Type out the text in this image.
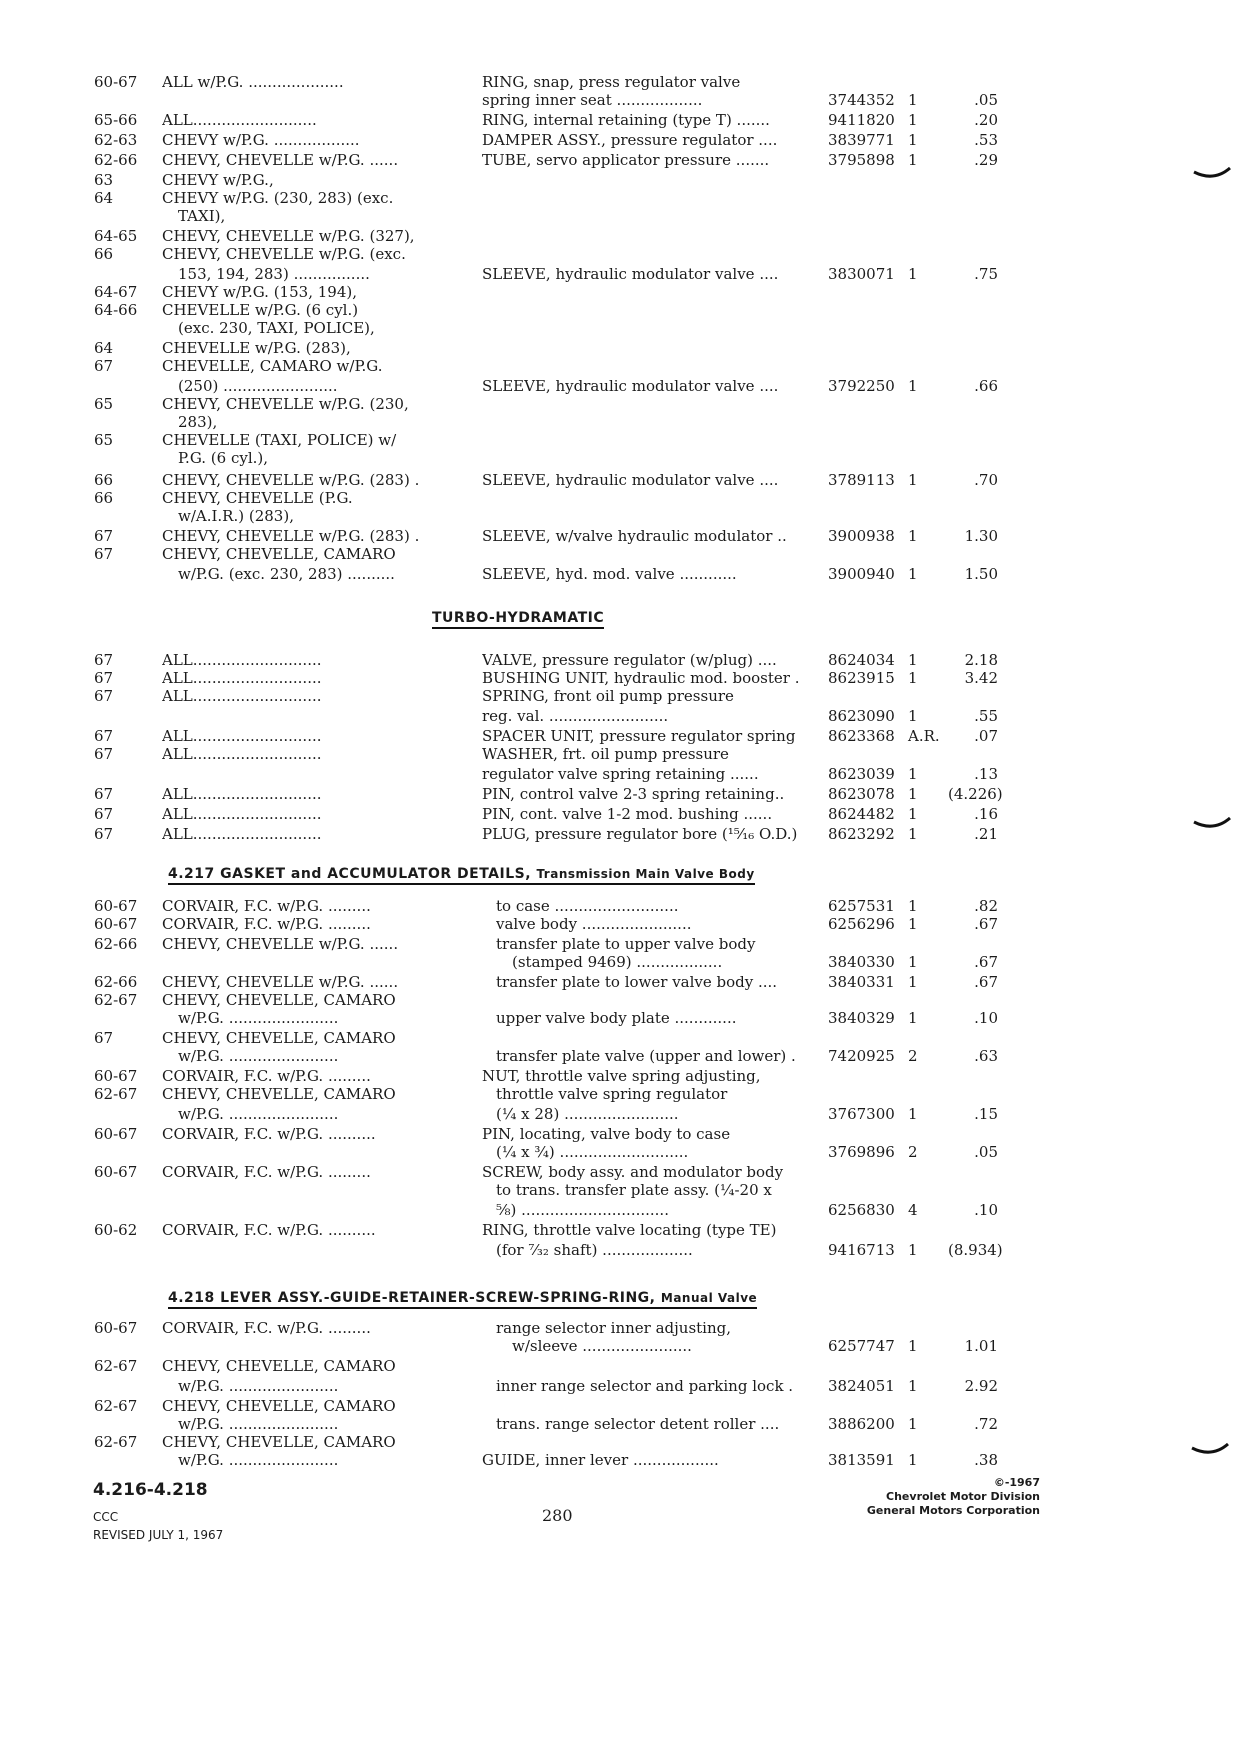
60-67 ALL w/P.G. ....................	RING, snap, press regulator valve
spring inner seat ..................	3744352 1	.05
65-66 ALL..........................	RING, internal retaining (type T) .......	9411820 1	.20
62-63 CHEVY w/P.G. ..................	DAMPER ASSY., pressure regulator ....	3839771 1	.53
62-66 CHEVY, CHEVELLE w/P.G. ......	TUBE, servo applicator pressure .......	3795898 1	.29
63	CHEVY w/P.G.,
64	CHEVY w/P.G. (230, 283) (exc.
TAXI),
64-65 CHEVY, CHEVELLE w/P.G. (327),
66	CHEVY, CHEVELLE w/P.G. (exc.
153, 194, 283) ................	SLEEVE, hydraulic modulator valve ....	3830071 1	.75
64-67 CHEVY w/P.G. (153, 194),
64-66 CHEVELLE w/P.G. (6 cyl.)
(exc. 230, TAXI, POLICE),
64	CHEVELLE w/P.G. (283),
67	CHEVELLE, CAMARO w/P.G.
(250) ........................	SLEEVE, hydraulic modulator valve ....	3792250 1	.66
65	CHEVY, CHEVELLE w/P.G. (230,
283),
65	CHEVELLE (TAXI, POLICE) w/
P.G. (6 cyl.),
66	CHEVY, CHEVELLE w/P.G. (283) .	SLEEVE, hydraulic modulator valve ....	3789113 1	.70
66	CHEVY, CHEVELLE (P.G.
w/A.I.R.) (283),
67	CHEVY, CHEVELLE w/P.G. (283) .	SLEEVE, w/valve hydraulic modulator ..	3900938 1	1.30
67	CHEVY, CHEVELLE, CAMARO
w/P.G. (exc. 230, 283) ..........	SLEEVE, hyd. mod. valve ............	3900940 1	1.50
TURBO-HYDRAMATIC
67	ALL...........................	VALVE, pressure regulator (w/plug) ....	8624034 1	2.18
67	ALL...........................	BUSHING UNIT, hydraulic mod. booster .	8623915 1	3.42
67	ALL...........................	SPRING, front oil pump pressure
reg. val. .........................	8623090 1	.55
67	ALL...........................	SPACER UNIT, pressure regulator spring	8623368 A.R.	.07
67	ALL...........................	WASHER, frt. oil pump pressure
regulator valve spring retaining ......	8623039 1	.13
67	ALL...........................	PIN, control valve 2-3 spring retaining..	8623078 1 (4.226)
67	ALL...........................	PIN, cont. valve 1-2 mod. bushing ......	8624482 1	.16
67	ALL...........................	PLUG, pressure regulator bore (¹⁵⁄₁₆ O.D.)	8623292 1	.21
4.217 GASKET and ACCUMULATOR DETAILS, Transmission Main Valve Body
60-67 CORVAIR, F.C. w/P.G. .........	to case ..........................	6257531 1	.82
60-67 CORVAIR, F.C. w/P.G. .........	valve body .......................	6256296 1	.67
62-66 CHEVY, CHEVELLE w/P.G. ......	transfer plate to upper valve body
(stamped 9469) ..................	3840330 1	.67
62-66 CHEVY, CHEVELLE w/P.G. ......	transfer plate to lower valve body ....	3840331 1	.67
62-67 CHEVY, CHEVELLE, CAMARO
w/P.G. .......................	upper valve body plate .............	3840329 1	.10
67	CHEVY, CHEVELLE, CAMARO
w/P.G. .......................	transfer plate valve (upper and lower) .	7420925 2	.63
60-67 CORVAIR, F.C. w/P.G. .........	NUT, throttle valve spring adjusting,
62-67 CHEVY, CHEVELLE, CAMARO	throttle valve spring regulator
w/P.G. .......................	(¼ x 28) ........................	3767300 1	.15
60-67 CORVAIR, F.C. w/P.G. ..........	PIN, locating, valve body to case
(¼ x ¾) ...........................	3769896 2	.05
60-67 CORVAIR, F.C. w/P.G. .........	SCREW, body assy. and modulator body
to trans. transfer plate assy. (¼-20 x
⅝) ...............................	6256830 4	.10
60-62 CORVAIR, F.C. w/P.G. ..........	RING, throttle valve locating (type TE)
(for ⁷⁄₃₂ shaft) ...................	9416713 1 (8.934)
4.218 LEVER ASSY.-GUIDE-RETAINER-SCREW-SPRING-RING, Manual Valve
60-67 CORVAIR, F.C. w/P.G. .........	range selector inner adjusting,
w/sleeve .......................	6257747 1	1.01
62-67 CHEVY, CHEVELLE, CAMARO
w/P.G. .......................	inner range selector and parking lock .	3824051 1	2.92
62-67 CHEVY, CHEVELLE, CAMARO
w/P.G. .......................	trans. range selector detent roller ....	3886200 1	.72
62-67 CHEVY, CHEVELLE, CAMARO
w/P.G. .......................	GUIDE, inner lever ..................	3813591 1	.38
4.216-4.218
CCC
REVISED JULY 1, 1967
280
©-1967
Chevrolet Motor Division
General Motors Corporation
